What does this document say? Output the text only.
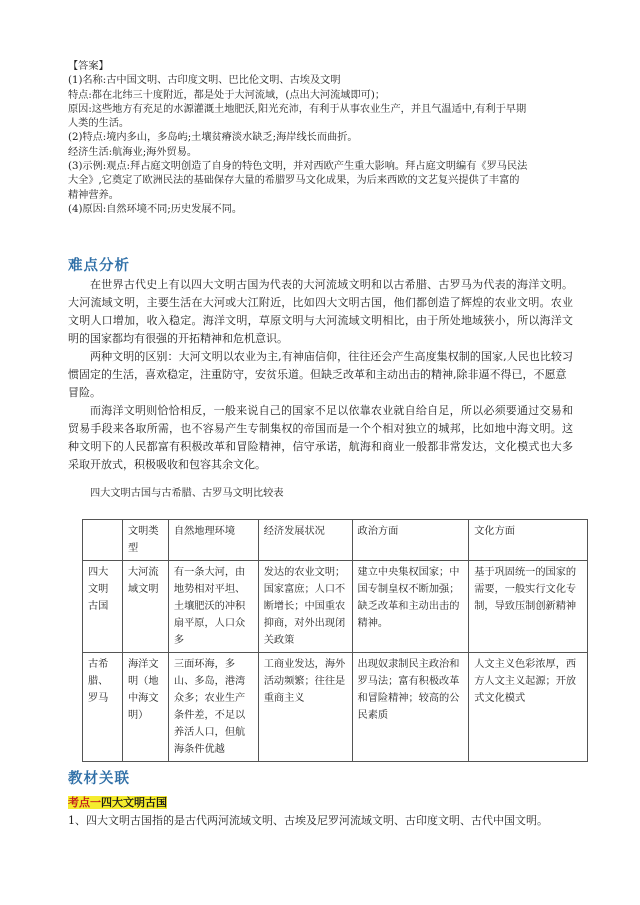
【答案】

(1)名称:古中国文明、古印度文明、巴比伦文明、古埃及文明

特点:都在北纬三十度附近，都是处于大河流域，(点出大河流域即可)；

原因:这些地方有充足的水源灌溉土地肥沃,阳光充沛，有利于从事农业生产，并且气温适中,有利于早期

人类的生活。

(2)特点:境内多山，多岛屿;土壤贫瘠淡水缺乏;海岸线长而曲折。

经济生活:航海业;海外贸易。

(3)示例:观点:拜占庭文明创造了自身的特色文明，并对西欧产生重大影响。拜占庭文明编有《罗马民法

大全》,它奠定了欧洲民法的基础保存大量的希腊罗马文化成果，为后来西欧的文艺复兴提供了丰富的

精神营养。

(4)原因:自然环境不同;历史发展不同。

难点分析

在世界古代史上有以四大文明古国为代表的大河流域文明和以古希腊、古罗马为代表的海洋文明。大河流域文明，主要生活在大河或大江附近，比如四大文明古国，他们都创造了辉煌的农业文明。农业文明人口增加，收入稳定。海洋文明，草原文明与大河流域文明相比，由于所处地域狭小，所以海洋文明的国家都均有很强的开拓精神和危机意识。

两种文明的区别：大河文明以农业为主,有神庙信仰，往往还会产生高度集权制的国家,人民也比较习惯固定的生活，喜欢稳定，注重防守，安贫乐道。但缺乏改革和主动出击的精神,除非逼不得已，不愿意

冒险。

而海洋文明则恰恰相反，一般来说自己的国家不足以依靠农业就自给自足，所以必须要通过交易和贸易手段来各取所需，也不容易产生专制集权的帝国而是一个个相对独立的城邦，比如地中海文明。这种文明下的人民都富有积极改革和冒险精神，信守承诺，航海和商业一般都非常发达，文化模式也大多采取开放式，积极吸收和包容其余文化。

四大文明古国与古希腊、古罗马文明比较表
	文明类型	自然地理环境	经济发展状况	政治方面	文化方面
四大文明古国	大河流域文明	有一条大河，由地势相对平坦、土壤肥沃的冲积扇平原，人口众多	发达的农业文明；国家富庶；人口不断增长；中国重农抑商，对外出现闭关政策	建立中央集权国家；中国专制皇权不断加强；缺乏改革和主动出击的精神。	基于巩固统一的国家的需要，一般实行文化专制，导致压制创新精神
古希腊、罗马	海洋文明（地中海文明）	三面环海，多山、多岛，港湾众多；农业生产条件差，不足以养活人口，但航海条件优越	工商业发达，海外活动频繁；往往是重商主义	出现奴隶制民主政治和罗马法；富有积极改革和冒险精神；较高的公民素质	人文主义色彩浓厚，西方人文主义起源；开放式文化模式
教材关联
考点一四大文明古国
1、四大文明古国指的是古代两河流域文明、古埃及尼罗河流域文明、古印度文明、古代中国文明。
